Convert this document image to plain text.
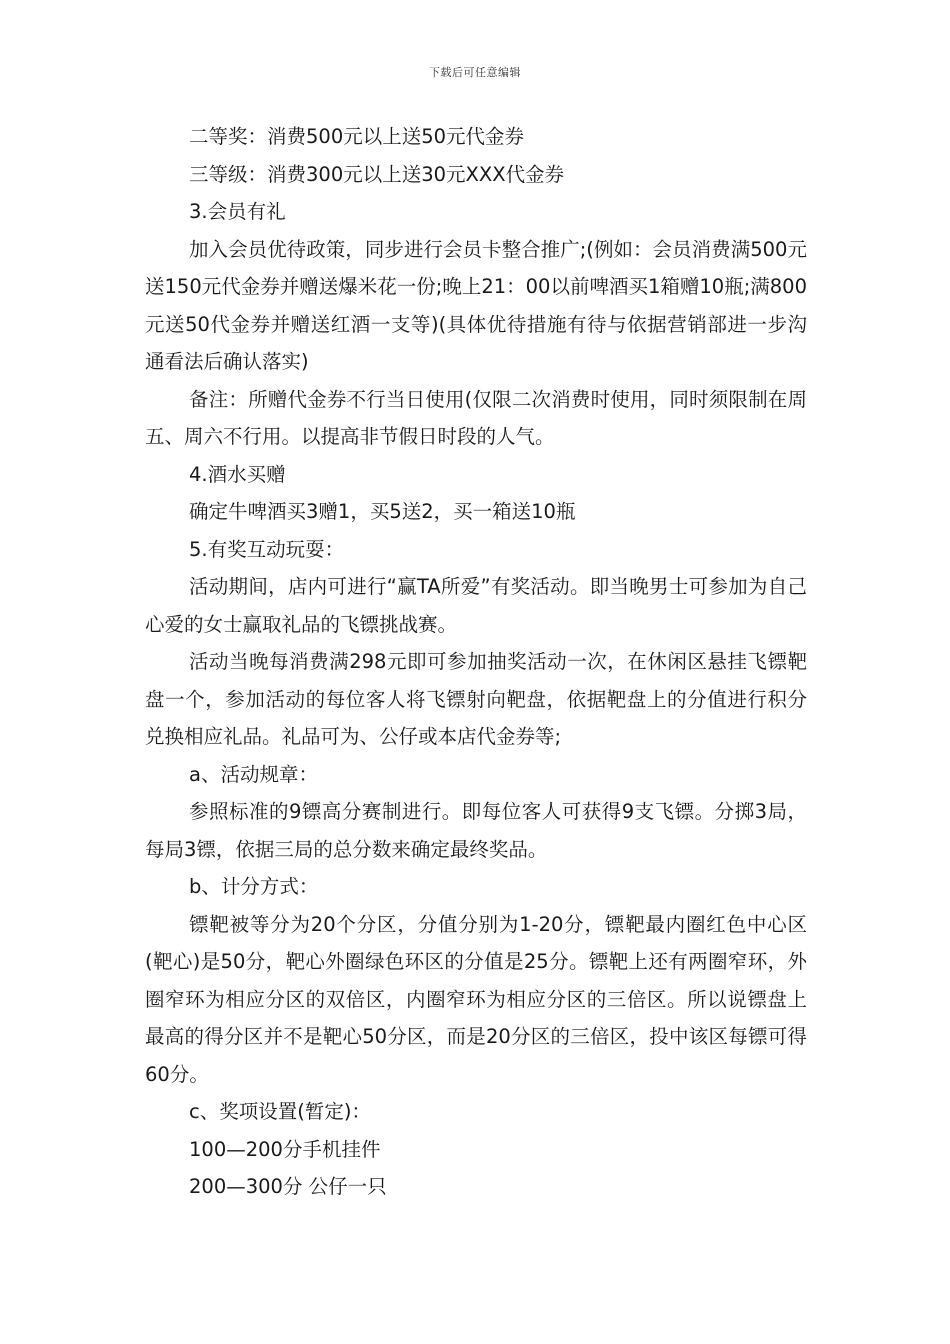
下载后可任意编辑

二等奖：消费500元以上送50元代金券

三等级：消费300元以上送30元XXX代金券

3.会员有礼

加入会员优待政策，同步进行会员卡整合推广;(例如：会员消费满500元送150元代金券并赠送爆米花一份;晚上21：00以前啤酒买1箱赠10瓶;满800元送50代金券并赠送红酒一支等)(具体优待措施有待与依据营销部进一步沟通看法后确认落实)

备注：所赠代金券不行当日使用(仅限二次消费时使用，同时须限制在周五、周六不行用。以提高非节假日时段的人气。

4.酒水买赠

确定牛啤酒买3赠1，买5送2，买一箱送10瓶

5.有奖互动玩耍：

活动期间，店内可进行“赢TA所爱”有奖活动。即当晚男士可参加为自己心爱的女士赢取礼品的飞镖挑战赛。

活动当晚每消费满298元即可参加抽奖活动一次，在休闲区悬挂飞镖靶盘一个，参加活动的每位客人将飞镖射向靶盘，依据靶盘上的分值进行积分兑换相应礼品。礼品可为、公仔或本店代金券等;

a、活动规章：

参照标准的9镖高分赛制进行。即每位客人可获得9支飞镖。分掷3局，每局3镖，依据三局的总分数来确定最终奖品。

b、计分方式：

镖靶被等分为20个分区，分值分别为1-20分，镖靶最内圈红色中心区(靶心)是50分，靶心外圈绿色环区的分值是25分。镖靶上还有两圈窄环，外圈窄环为相应分区的双倍区，内圈窄环为相应分区的三倍区。所以说镖盘上最高的得分区并不是靶心50分区，而是20分区的三倍区，投中该区每镖可得60分。

c、奖项设置(暂定)：

100—200分手机挂件

200—300分 公仔一只
